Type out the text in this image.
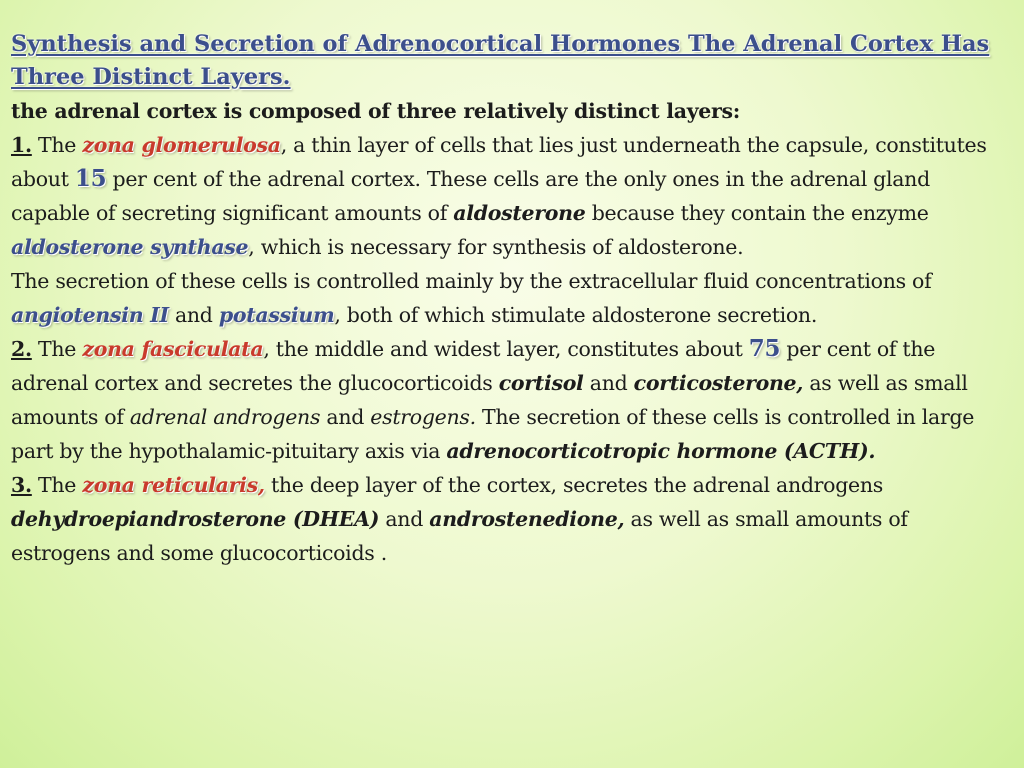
Synthesis and Secretion of Adrenocortical Hormones The Adrenal Cortex Has Three Distinct Layers.

the adrenal cortex is composed of three relatively distinct layers:
1. The zona glomerulosa, a thin layer of cells that lies just underneath the capsule, constitutes about 15 per cent of the adrenal cortex. These cells are the only ones in the adrenal gland capable of secreting significant amounts of aldosterone because they contain the enzyme aldosterone synthase, which is necessary for synthesis of aldosterone.
The secretion of these cells is controlled mainly by the extracellular fluid concentrations of angiotensin II and potassium, both of which stimulate aldosterone secretion.
2. The zona fasciculata, the middle and widest layer, constitutes about 75 per cent of the adrenal cortex and secretes the glucocorticoids cortisol and corticosterone, as well as small amounts of adrenal androgens and estrogens. The secretion of these cells is controlled in large part by the hypothalamic-pituitary axis via adrenocorticotropic hormone (ACTH).
3. The zona reticularis, the deep layer of the cortex, secretes the adrenal androgens dehydroepiandrosterone (DHEA) and androstenedione, as well as small amounts of estrogens and some glucocorticoids .
